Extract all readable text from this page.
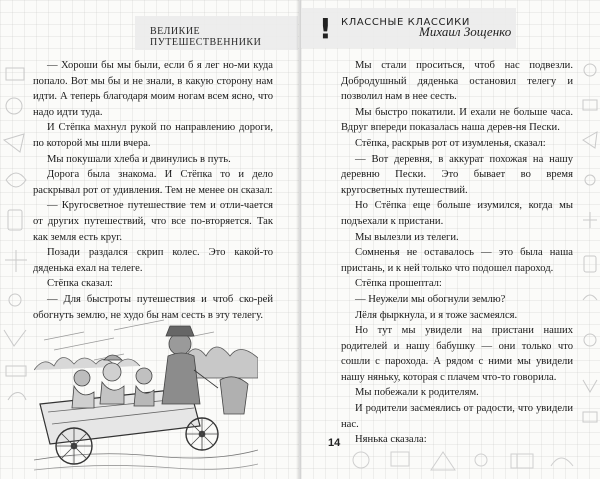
ВЕЛИКИЕ ПУТЕШЕСТВЕННИКИ

— Хороши бы мы были, если б я лег но-ми куда попало. Вот мы бы и не знали, в какую сторону нам идти. А теперь благодаря моим ногам всем ясно, что надо идти туда.

И Стёпка махнул рукой по направлению дороги, по которой мы шли вчера.

Мы покушали хлеба и двинулись в путь.

Дорога была знакома. И Стёпка то и дело раскрывал рот от удивления. Тем не менее он сказал:

— Кругосветное путешествие тем и отли-чается от других путешествий, что все по-вторяется. Так как земля есть круг.

Позади раздался скрип колес. Это какой-то дяденька ехал на телеге.

Стёпка сказал:

— Для быстроты путешествия и чтоб ско-рей обогнуть землю, не худо бы нам сесть в эту телегу.

! КЛАССНЫЕ КЛАССИКИ
Михаил Зощенко

Мы стали проситься, чтоб нас подвезли. Добродушный дяденька остановил телегу и позволил нам в нее сесть.

Мы быстро покатили. И ехали не больше часа. Вдруг впереди показалась наша дерев-ня Пески.

Стёпка, раскрыв рот от изумленья, сказал:

— Вот деревня, в аккурат похожая на нашу деревню Пески. Это бывает во время кругосветных путешествий.

Но Стёпка еще больше изумился, когда мы подъехали к пристани.

Мы вылезли из телеги.

Сомненья не оставалось — это была наша пристань, и к ней только что подошел пароход.

Стёпка прошептал:

— Неужели мы обогнули землю?

Лёля фыркнула, и я тоже засмеялся.

Но тут мы увидели на пристани наших родителей и нашу бабушку — они только что сошли с парохода. А рядом с ними мы увидели нашу няньку, которая с плачем что-то говорила.

Мы побежали к родителям.

И родители засмеялись от радости, что увидели нас.

Нянька сказала:

14
